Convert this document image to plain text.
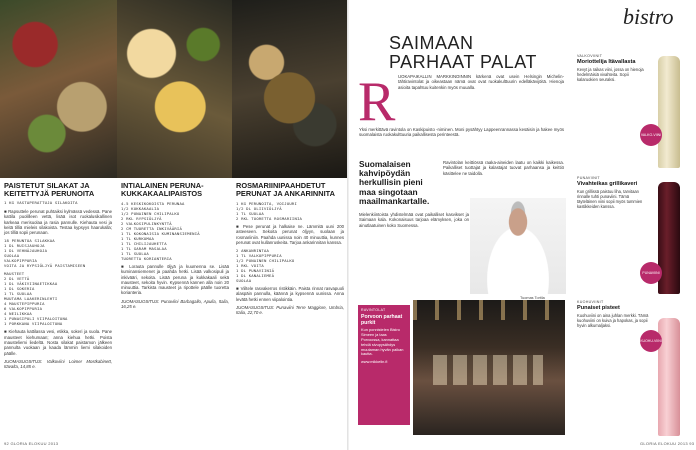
PAISTETUT SILAKAT JA KEITETTYJÄ PERUNOITA
1 KG VASTAPERATTUJA SILAKOITA

■ Rapsuttele perunat puhtaiksi kylmässä vedessä. Pane kattila puolilleen vettä, lisää isot ruokalusikallinen karkeaa merisuolaa ja rasia pannulle. Kiehauta vesi ja keitä tilliä mieleis silakoista. Testaa kypsyys haarukalla; jos tilliä sopii perunaan.

18 PERUNTOA SILAKKAA
1 DL RUISJAUHOJA
1 DL VEHNÄJAUHOJA
SUOLAA
VALKOPIPPURIA
VOITA JA RYPSIÖLJYÄ PAISTAMISEEN
MAUSTEET
2 DL VETTÄ
1 DL VÄKIVIINAETIKKAA
1 DL SOKERIA
1 TL SUOLAA
MUUTAMA LAAKERINLEHTI
4 MAUSTEPIPPURIA
6 VALKOPIPPURIA
4 NEILIKKAA
1 PUNASIPULI VIIPALOITUNA
1 PORKKANA VIIPALOITUNA

■ Kiehauta kattilassa vesi, etikka, sokeri ja suola. Pane mausteet kiehumaan; anna kiehua hetki. Poista mausteliemi liedeltä. Nosta silakat paistamon jälkeen pannulta vuokaan ja kaada lämmin liemi silakoiden päälle.

JUOMASUOSITUS: Valkoviini Loimer Mostkabinett, Itävalta, 14,85 e.

INTIALAINEN PERUNA-KUKKAKAALIPAISTOS
4-5 KESKIKOKOISTA PERUNAA
1/2 KUKKAKAALIA
1/2 PUNAINEN CHILIPALKO
2 RKL RYPSIÖLJYÄ
2 VALKOSIPULINKYNTTÄ
2 CM TUORETTA INKIVÄÄRIÄ
1 TL KOKONAISIA KUMINANSIEMENIÄ
1 TL KURKUMAA
1 TL CHILIJAUHETTA
1 TL GARAM MASALAA
1 TL SUOLAA
TUORETTA KORIANTERIA

■ Lorauta pannulle öljyä ja kuumenna se. Lisää kuminansiemenet ja paahda hetki. Lisää valkosipuli ja inkivääri, sekoita. Lisää peruna ja kukkakaali sekä mausteet, sekoita hyvin. Kypsennä kannen alla noin 20 minuuttia. Tarkista mausteet ja ripottele päälle tuoretta korianteria.

JUOMASUOSITUS: Punaviini Barbagallo, Apulia, Italia, 16,25 e.

ROSMARIINIPAAHDETUT PERUNAT JA ANKARINNITA
1 KG PERUNOITA, VOIJUURI
1/2 DL OLIIVIÖLJYÄ
1 TL SUOLAA
2 RKL TUORETTA ROSMARIINIA

■ Pese perunat ja halkaise ne. Lämmitä uuni 200 asteeseen. Sekoita perunat öljyyn, suolaan ja rosmariiniin. Paahda uunissa noin 40 minuuttia, kunnes perunat ovat kullanruskeita. Tarjoa ankarinnitan kanssa.

2 ANKANRINTAA
1 TL VALKOPIPPURIA
1/2 PUNAINEN CHILIPALKO
1 RKL VOITA
1 DL PUNAVIINIÄ
1 DL KANALIEMEÄ
SUOLAA

■ Viiltele rasvakerros ristikkäin. Paista rinnat rasvapuoli alaspäin pannulla, käännä ja kypsennä uunissa. Anna levätä hetki ennen viipalointia.

JUOMASUOSITUS: Punaviini Terre Maggiore, Umbria, Italia, 22,70 e.

92 GLORIA ELOKUU 2013
bistro
SAIMAAN PARHAAT PALAT
R UOKAPAIKALLIN MARKKINOINNIN kärkenä ovat usein Helsingin Michelin-tähtiravintolat ja oikeastaan nämä ovat ovat ruokakulttuurin edelläkävijöitä. Hienoja asioita tapahtuu kuitenkin myös muualla.
Yksi merkittävä ravintola on Kaskipuisto -niminen. Moni pysähtyy Lappeenrannassa kesäisin ja hakee myös suomalaista ruokakulttuuria paikallisesta perinteestä.
Suomalaisen kahvipöydän herkullisin pieni maa singotaan maailmankartalle.
Ravintolan keittiössä raaka-aineiden laatu on kaikki kaikessa. Paikalliset tuottajat ja kalastajat tuovat parhaansa ja keittiö käsittelee ne taidolla.
Mielenkiintoista yhdistelmää ovat paikalliset kasvikset ja Saimaan kala. Kokonaisuus tarjoaa elämyksen, joka on ainutlaatuinen koko Suomessa.
Tuomas Tortila
RAVINTOLAT
Porvoon parhaat purkit
Kun ponnistelen Bistro Simeen ja taas Porvoossa, kannattaa tehdä sivupysähdys muutaman hyvän paikan kautta.
www.mikkelin.fi
VALKOVIINIT
Moriottelija Itävallasta
Kevyt ja raikas viini, jossa on hienoja hedelmäisiä vivahteita. Sopii kalaruokien seuraksi.
VALKO-VIINI
PUNAVIINIT
Vivahteikas grillikaveri
Kun grillissä paistuu liha, tarvitaan rinnalle tuhti punaviini. Tämä täyteläinen viini sopii myös tummien kastikkeiden kanssa.
PUNAVIINI
KUOHUVIINIT
Punaiset pisteet
Kuohuviini on aina juhlan merkki. Tämä kuohuviini on kuiva ja hapokas, ja sopii hyvin alkumaljaksi.
KUOHU-VIINI
GLORIA ELOKUU 2013 93
